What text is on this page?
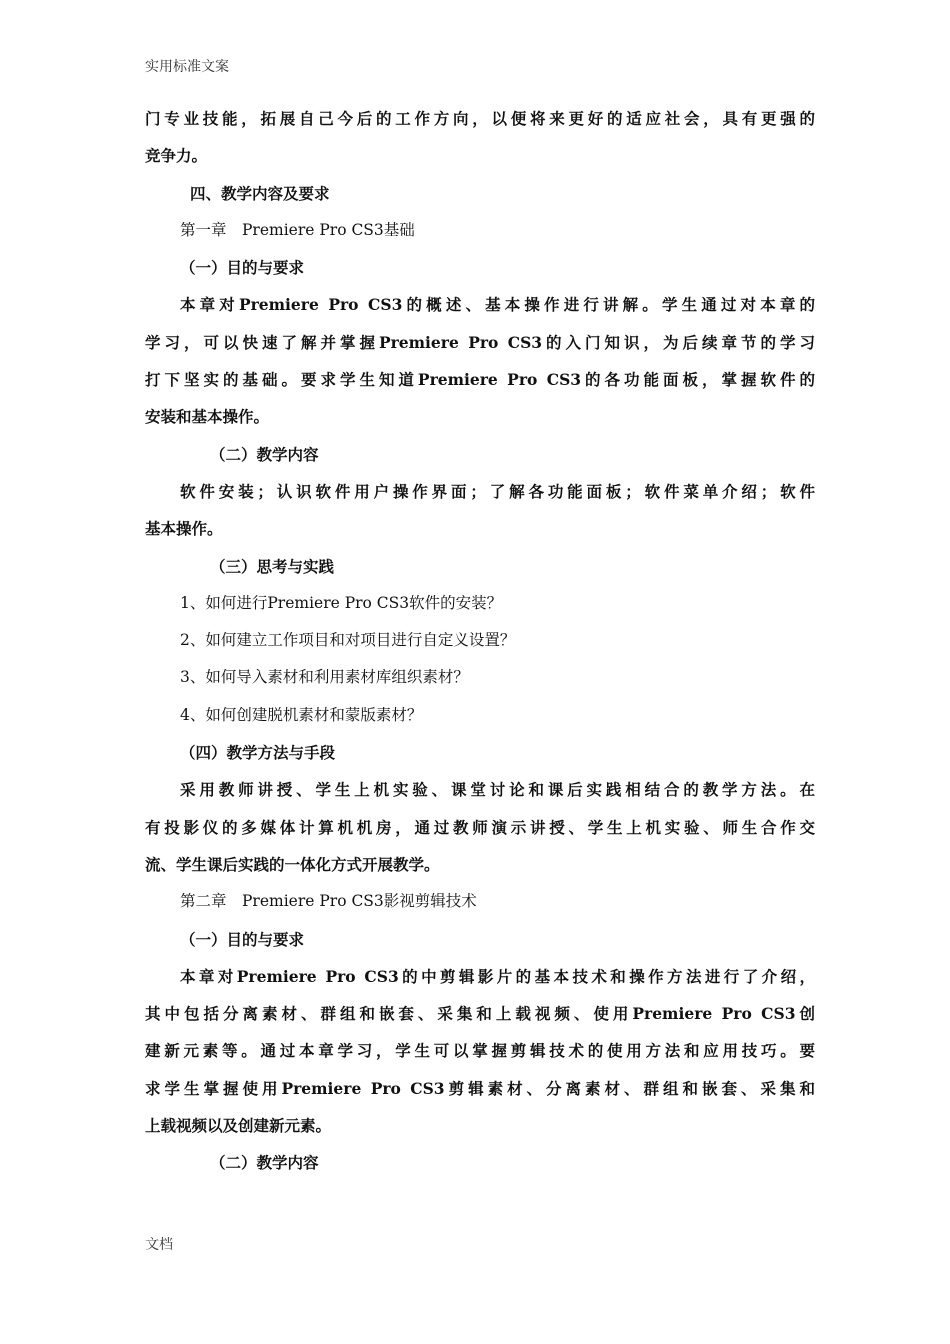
实用标准文案
门专业技能，拓展自己今后的工作方向，以便将来更好的适应社会，具有更强的
竞争力。
四、教学内容及要求
第一章　Premiere Pro CS3基础
（一）目的与要求
本章对Premiere Pro CS3的概述、基本操作进行讲解。学生通过对本章的
学习，可以快速了解并掌握Premiere Pro CS3的入门知识，为后续章节的学习
打下坚实的基础。要求学生知道Premiere Pro CS3的各功能面板，掌握软件的
安装和基本操作。
（二）教学内容
软件安装；认识软件用户操作界面；了解各功能面板；软件菜单介绍；软件
基本操作。
（三）思考与实践
1、如何进行Premiere Pro CS3软件的安装？
2、如何建立工作项目和对项目进行自定义设置？
3、如何导入素材和利用素材库组织素材？
4、如何创建脱机素材和蒙版素材？
（四）教学方法与手段
采用教师讲授、学生上机实验、课堂讨论和课后实践相结合的教学方法。在
有投影仪的多媒体计算机机房，通过教师演示讲授、学生上机实验、师生合作交
流、学生课后实践的一体化方式开展教学。
第二章　Premiere Pro CS3影视剪辑技术
（一）目的与要求
本章对Premiere Pro CS3的中剪辑影片的基本技术和操作方法进行了介绍，
其中包括分离素材、群组和嵌套、采集和上载视频、使用Premiere Pro CS3创
建新元素等。通过本章学习，学生可以掌握剪辑技术的使用方法和应用技巧。要
求学生掌握使用Premiere Pro CS3剪辑素材、分离素材、群组和嵌套、采集和
上载视频以及创建新元素。
（二）教学内容
文档
